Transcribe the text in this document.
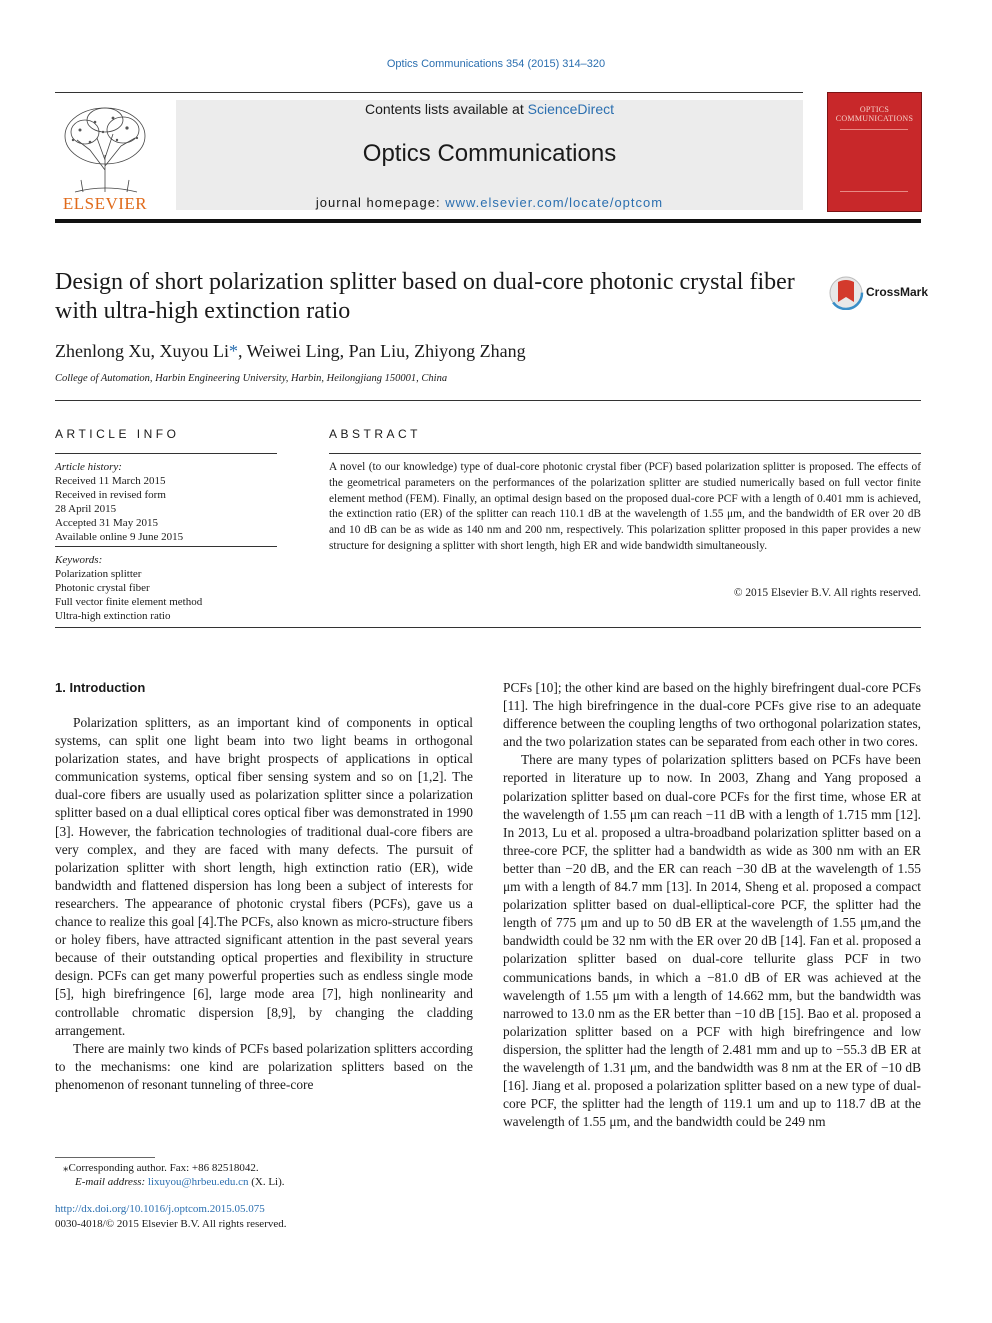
Optics Communications 354 (2015) 314–320
ELSEVIER
Contents lists available at ScienceDirect
Optics Communications
journal homepage: www.elsevier.com/locate/optcom
OPTICS
COMMUNICATIONS
Design of short polarization splitter based on dual-core photonic crystal fiber with ultra-high extinction ratio
CrossMark
Zhenlong Xu, Xuyou Li*, Weiwei Ling, Pan Liu, Zhiyong Zhang
College of Automation, Harbin Engineering University, Harbin, Heilongjiang 150001, China
ARTICLE INFO	ABSTRACT
Article history:
Received 11 March 2015
Received in revised form
28 April 2015
Accepted 31 May 2015
Available online 9 June 2015
Keywords:
Polarization splitter
Photonic crystal fiber
Full vector finite element method
Ultra-high extinction ratio
A novel (to our knowledge) type of dual-core photonic crystal fiber (PCF) based polarization splitter is proposed. The effects of the geometrical parameters on the performances of the polarization splitter are studied numerically based on full vector finite element method (FEM). Finally, an optimal design based on the proposed dual-core PCF with a length of 0.401 mm is achieved, the extinction ratio (ER) of the splitter can reach 110.1 dB at the wavelength of 1.55 μm, and the bandwidth of ER over 20 dB and 10 dB can be as wide as 140 nm and 200 nm, respectively. This polarization splitter proposed in this paper provides a new structure for designing a splitter with short length, high ER and wide bandwidth simultaneously.
© 2015 Elsevier B.V. All rights reserved.
1. Introduction

Polarization splitters, as an important kind of components in optical systems, can split one light beam into two light beams in orthogonal polarization states, and have bright prospects of applications in optical communication systems, optical fiber sensing system and so on [1,2]. The dual-core fibers are usually used as polarization splitter since a polarization splitter based on a dual elliptical cores optical fiber was demonstrated in 1990 [3]. However, the fabrication technologies of traditional dual-core fibers are very complex, and they are faced with many defects. The pursuit of polarization splitter with short length, high extinction ratio (ER), wide bandwidth and flattened dispersion has long been a subject of interests for researchers. The appearance of photonic crystal fibers (PCFs), gave us a chance to realize this goal [4].The PCFs, also known as micro-structure fibers or holey fibers, have attracted significant attention in the past several years because of their outstanding optical properties and flexibility in structure design. PCFs can get many powerful properties such as endless single mode [5], high birefringence [6], large mode area [7], high nonlinearity and controllable chromatic dispersion [8,9], by changing the cladding arrangement.

There are mainly two kinds of PCFs based polarization splitters according to the mechanisms: one kind are polarization splitters based on the phenomenon of resonant tunneling of three-core

PCFs [10]; the other kind are based on the highly birefringent dual-core PCFs [11]. The high birefringence in the dual-core PCFs give rise to an adequate difference between the coupling lengths of two orthogonal polarization states, and the two polarization states can be separated from each other in two cores.

There are many types of polarization splitters based on PCFs have been reported in literature up to now. In 2003, Zhang and Yang proposed a polarization splitter based on dual-core PCFs for the first time, whose ER at the wavelength of 1.55 μm can reach −11 dB with a length of 1.715 mm [12]. In 2013, Lu et al. proposed a ultra-broadband polarization splitter based on a three-core PCF, the splitter had a bandwidth as wide as 300 nm with an ER better than −20 dB, and the ER can reach −30 dB at the wavelength of 1.55 μm with a length of 84.7 mm [13]. In 2014, Sheng et al. proposed a compact polarization splitter based on dual-elliptical-core PCF, the splitter had the length of 775 μm and up to 50 dB ER at the wavelength of 1.55 μm,and the bandwidth could be 32 nm with the ER over 20 dB [14]. Fan et al. proposed a polarization splitter based on dual-core tellurite glass PCF in two communications bands, in which a −81.0 dB of ER was achieved at the wavelength of 1.55 μm with a length of 14.662 mm, but the bandwidth was narrowed to 13.0 nm as the ER better than −10 dB [15]. Bao et al. proposed a polarization splitter based on a PCF with high birefringence and low dispersion, the splitter had the length of 2.481 mm and up to −55.3 dB ER at the wavelength of 1.31 μm, and the bandwidth was 8 nm at the ER of −10 dB [16]. Jiang et al. proposed a polarization splitter based on a new type of dual-core PCF, the splitter had the length of 119.1 um and up to 118.7 dB at the wavelength of 1.55 μm, and the bandwidth could be 249 nm

⁎Corresponding author. Fax: +86 82518042.
E-mail address: lixuyou@hrbeu.edu.cn (X. Li).
http://dx.doi.org/10.1016/j.optcom.2015.05.075
0030-4018/© 2015 Elsevier B.V. All rights reserved.
